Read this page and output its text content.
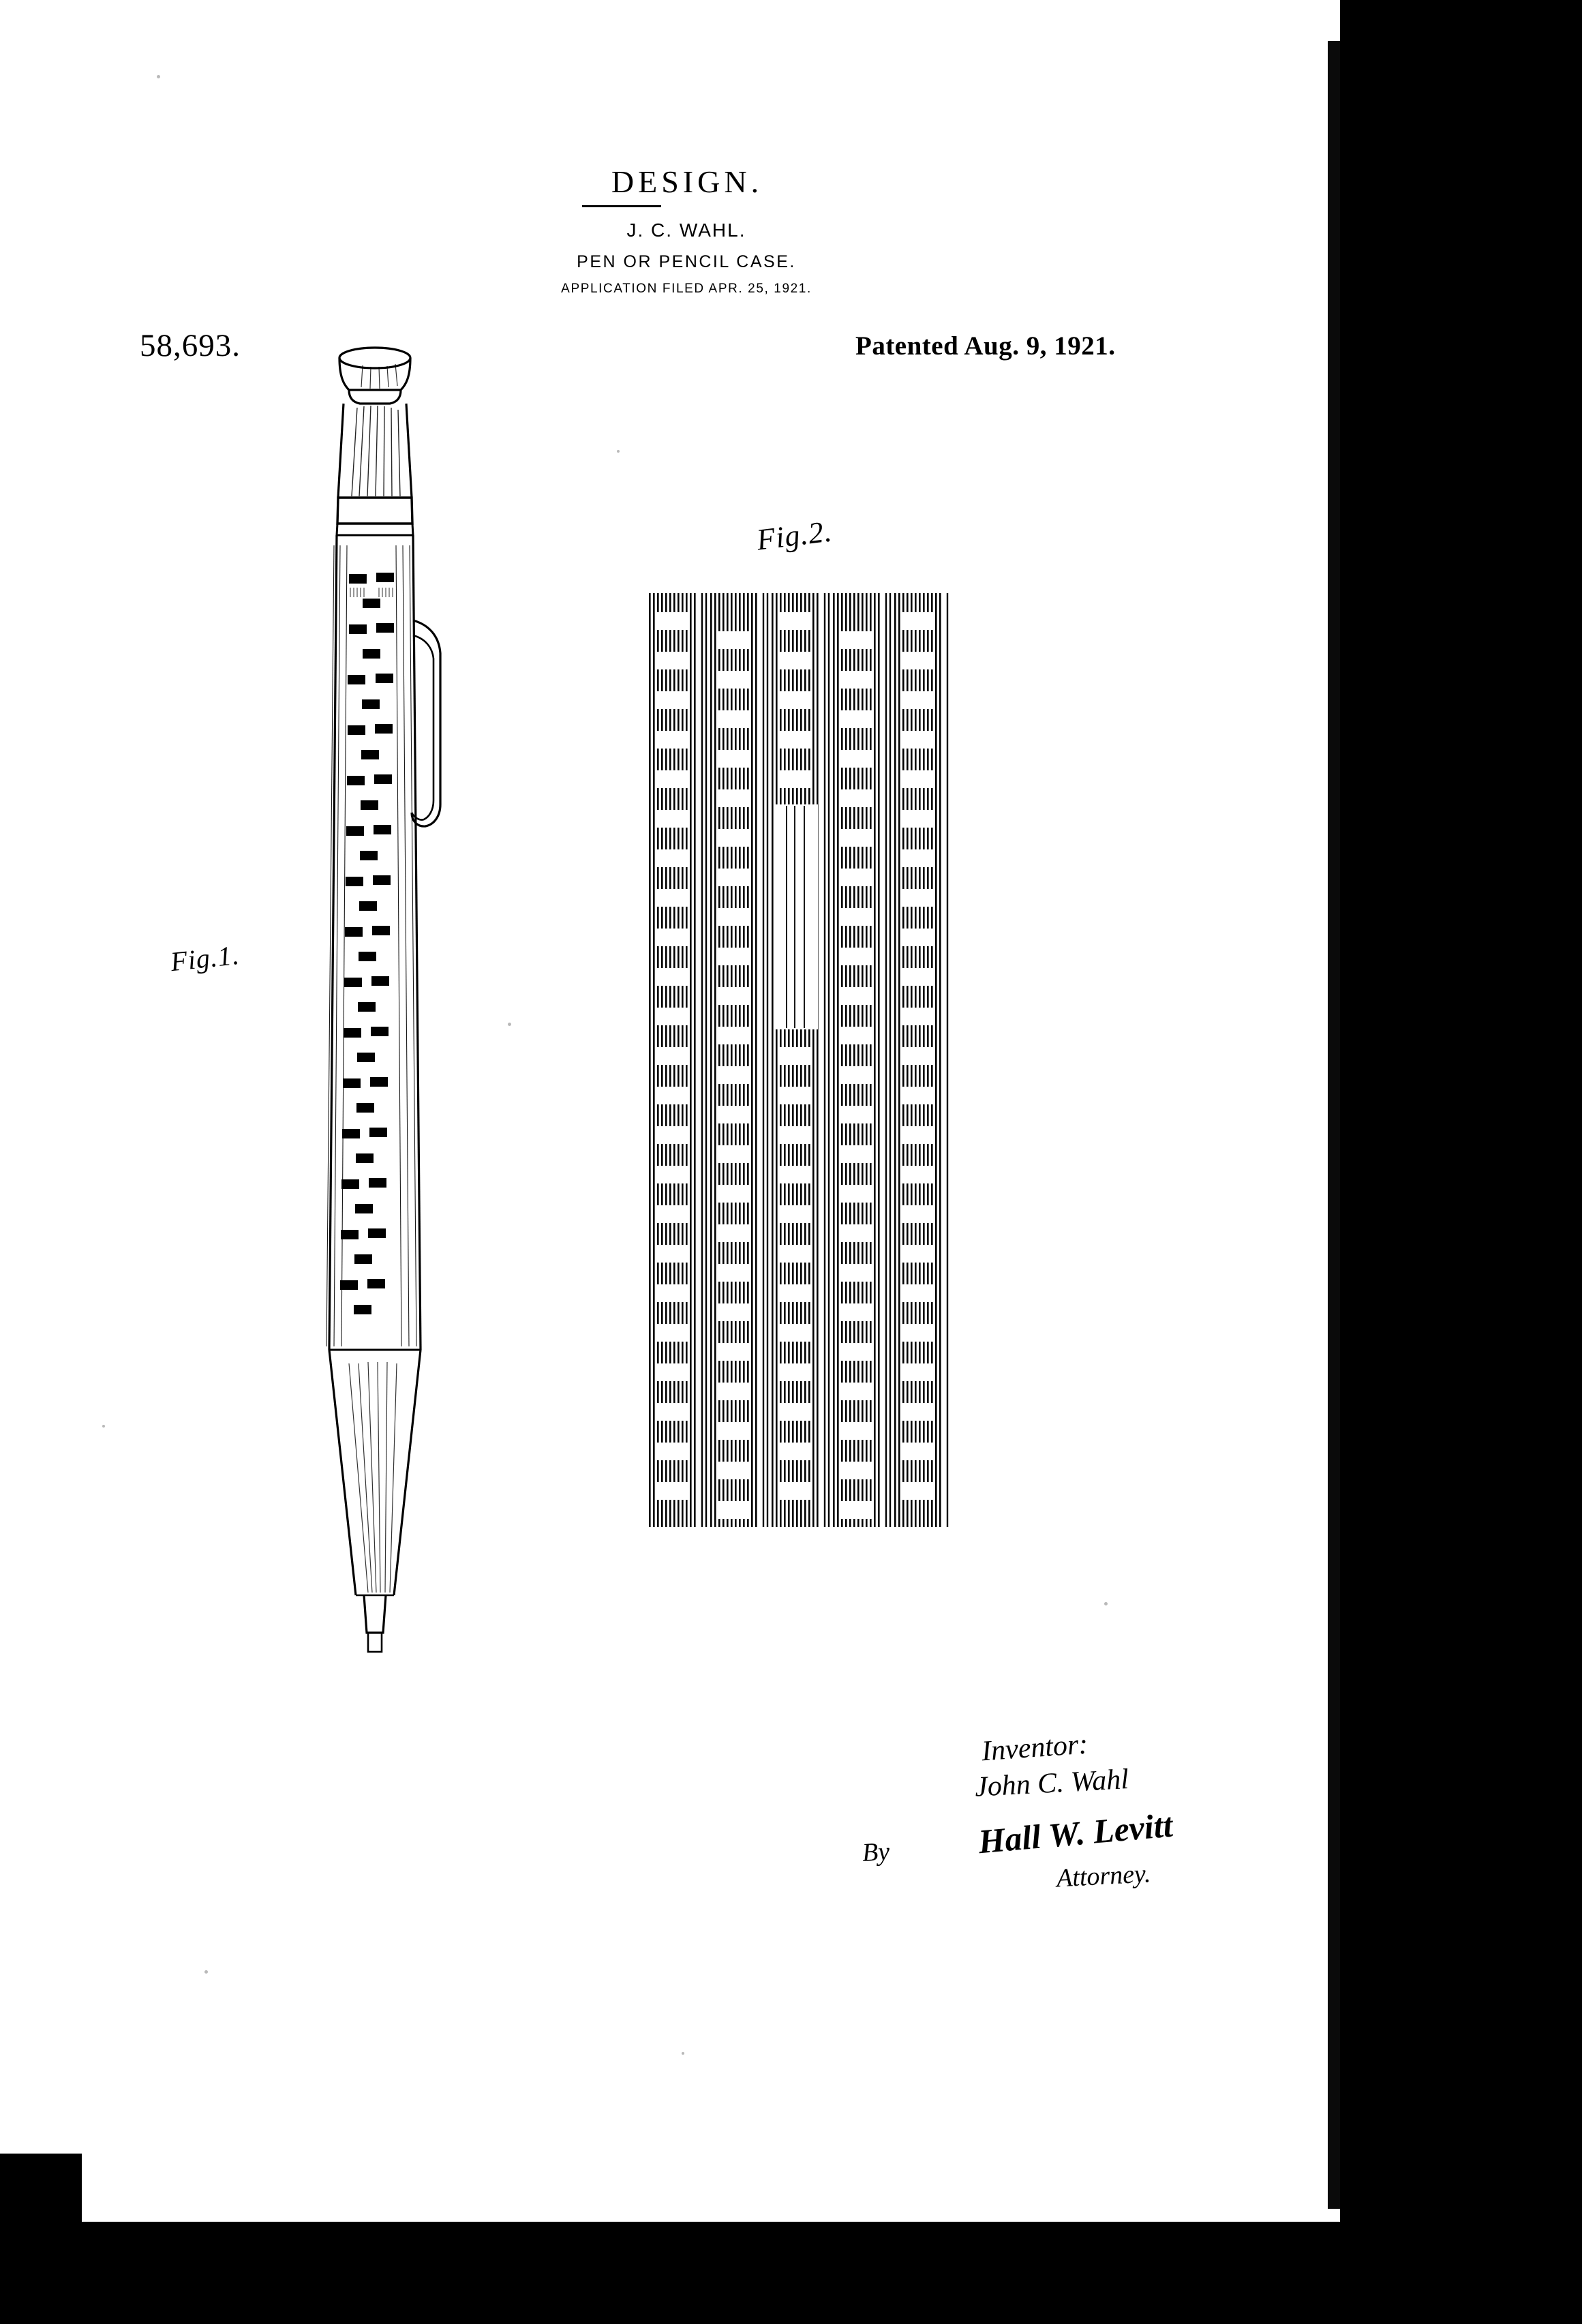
DESIGN.
J. C. WAHL.
PEN OR PENCIL CASE.
APPLICATION FILED APR. 25, 1921.
58,693.	Patented Aug. 9, 1921.
Fig.1.
Fig.2.
Inventor:
John C. Wahl
By	Hall W. Levitt
Attorney.
